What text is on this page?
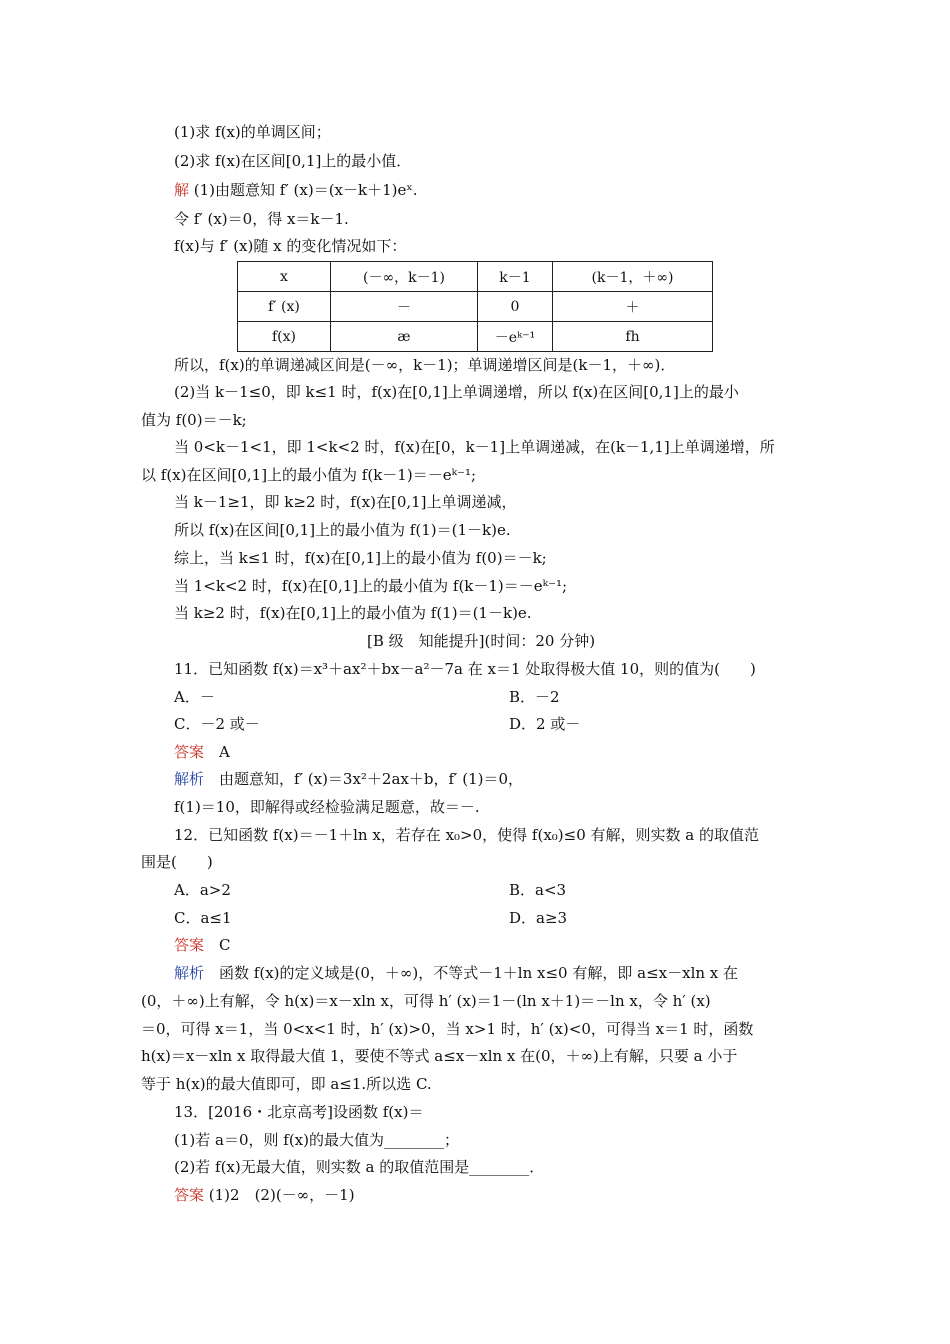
(1)求 f(x)的单调区间；
(2)求 f(x)在区间[0,1]上的最小值．
解 (1)由题意知 f′ (x)＝(x－k＋1)eˣ.
令 f′ (x)＝0，得 x＝k－1.
f(x)与 f′ (x)随 x 的变化情况如下：
x	(－∞，k－1)	k－1	(k－1，＋∞)
f′ (x)	－	0	＋
f(x)	æ	－eᵏ⁻¹	fh
所以，f(x)的单调递减区间是(－∞，k－1)；单调递增区间是(k－1，＋∞)．
(2)当 k－1≤0，即 k≤1 时，f(x)在[0,1]上单调递增，所以 f(x)在区间[0,1]上的最小
值为 f(0)＝－k;
当 0<k－1<1，即 1<k<2 时，f(x)在[0，k－1]上单调递减，在(k－1,1]上单调递增，所
以 f(x)在区间[0,1]上的最小值为 f(k－1)＝－eᵏ⁻¹;
当 k－1≥1，即 k≥2 时，f(x)在[0,1]上单调递减，
所以 f(x)在区间[0,1]上的最小值为 f(1)＝(1－k)e.
综上，当 k≤1 时，f(x)在[0,1]上的最小值为 f(0)＝－k;
当 1<k<2 时，f(x)在[0,1]上的最小值为 f(k－1)＝－eᵏ⁻¹;
当 k≥2 时，f(x)在[0,1]上的最小值为 f(1)＝(1－k)e.
[B 级　知能提升](时间：20 分钟)
11．已知函数 f(x)＝x³＋ax²＋bx－a²－7a 在 x＝1 处取得极大值 10，则的值为(　　)
A．－	B．－2
C．－2 或－	D．2 或－
答案　 A
解析　 由题意知，f′ (x)＝3x²＋2ax＋b，f′ (1)＝0，
f(1)＝10，即解得或经检验满足题意，故＝－.
12．已知函数 f(x)＝－1＋ln x，若存在 x₀>0，使得 f(x₀)≤0 有解，则实数 a 的取值范
围是(　　)
A．a>2	B．a<3
C．a≤1	D．a≥3
答案　 C
解析　 函数 f(x)的定义域是(0，＋∞)，不等式－1＋ln x≤0 有解，即 a≤x－xln x 在
(0，＋∞)上有解，令 h(x)＝x－xln x，可得 h′ (x)＝1－(ln x＋1)＝－ln x，令 h′ (x)
＝0，可得 x＝1，当 0<x<1 时，h′ (x)>0，当 x>1 时，h′ (x)<0，可得当 x＝1 时，函数
h(x)＝x－xln x 取得最大值 1，要使不等式 a≤x－xln x 在(0，＋∞)上有解，只要 a 小于
等于 h(x)的最大值即可，即 a≤1.所以选 C.
13．[2016・北京高考]设函数 f(x)＝
(1)若 a＝0，则 f(x)的最大值为________；
(2)若 f(x)无最大值，则实数 a 的取值范围是________．
答案 (1)2　(2)(－∞，－1)
